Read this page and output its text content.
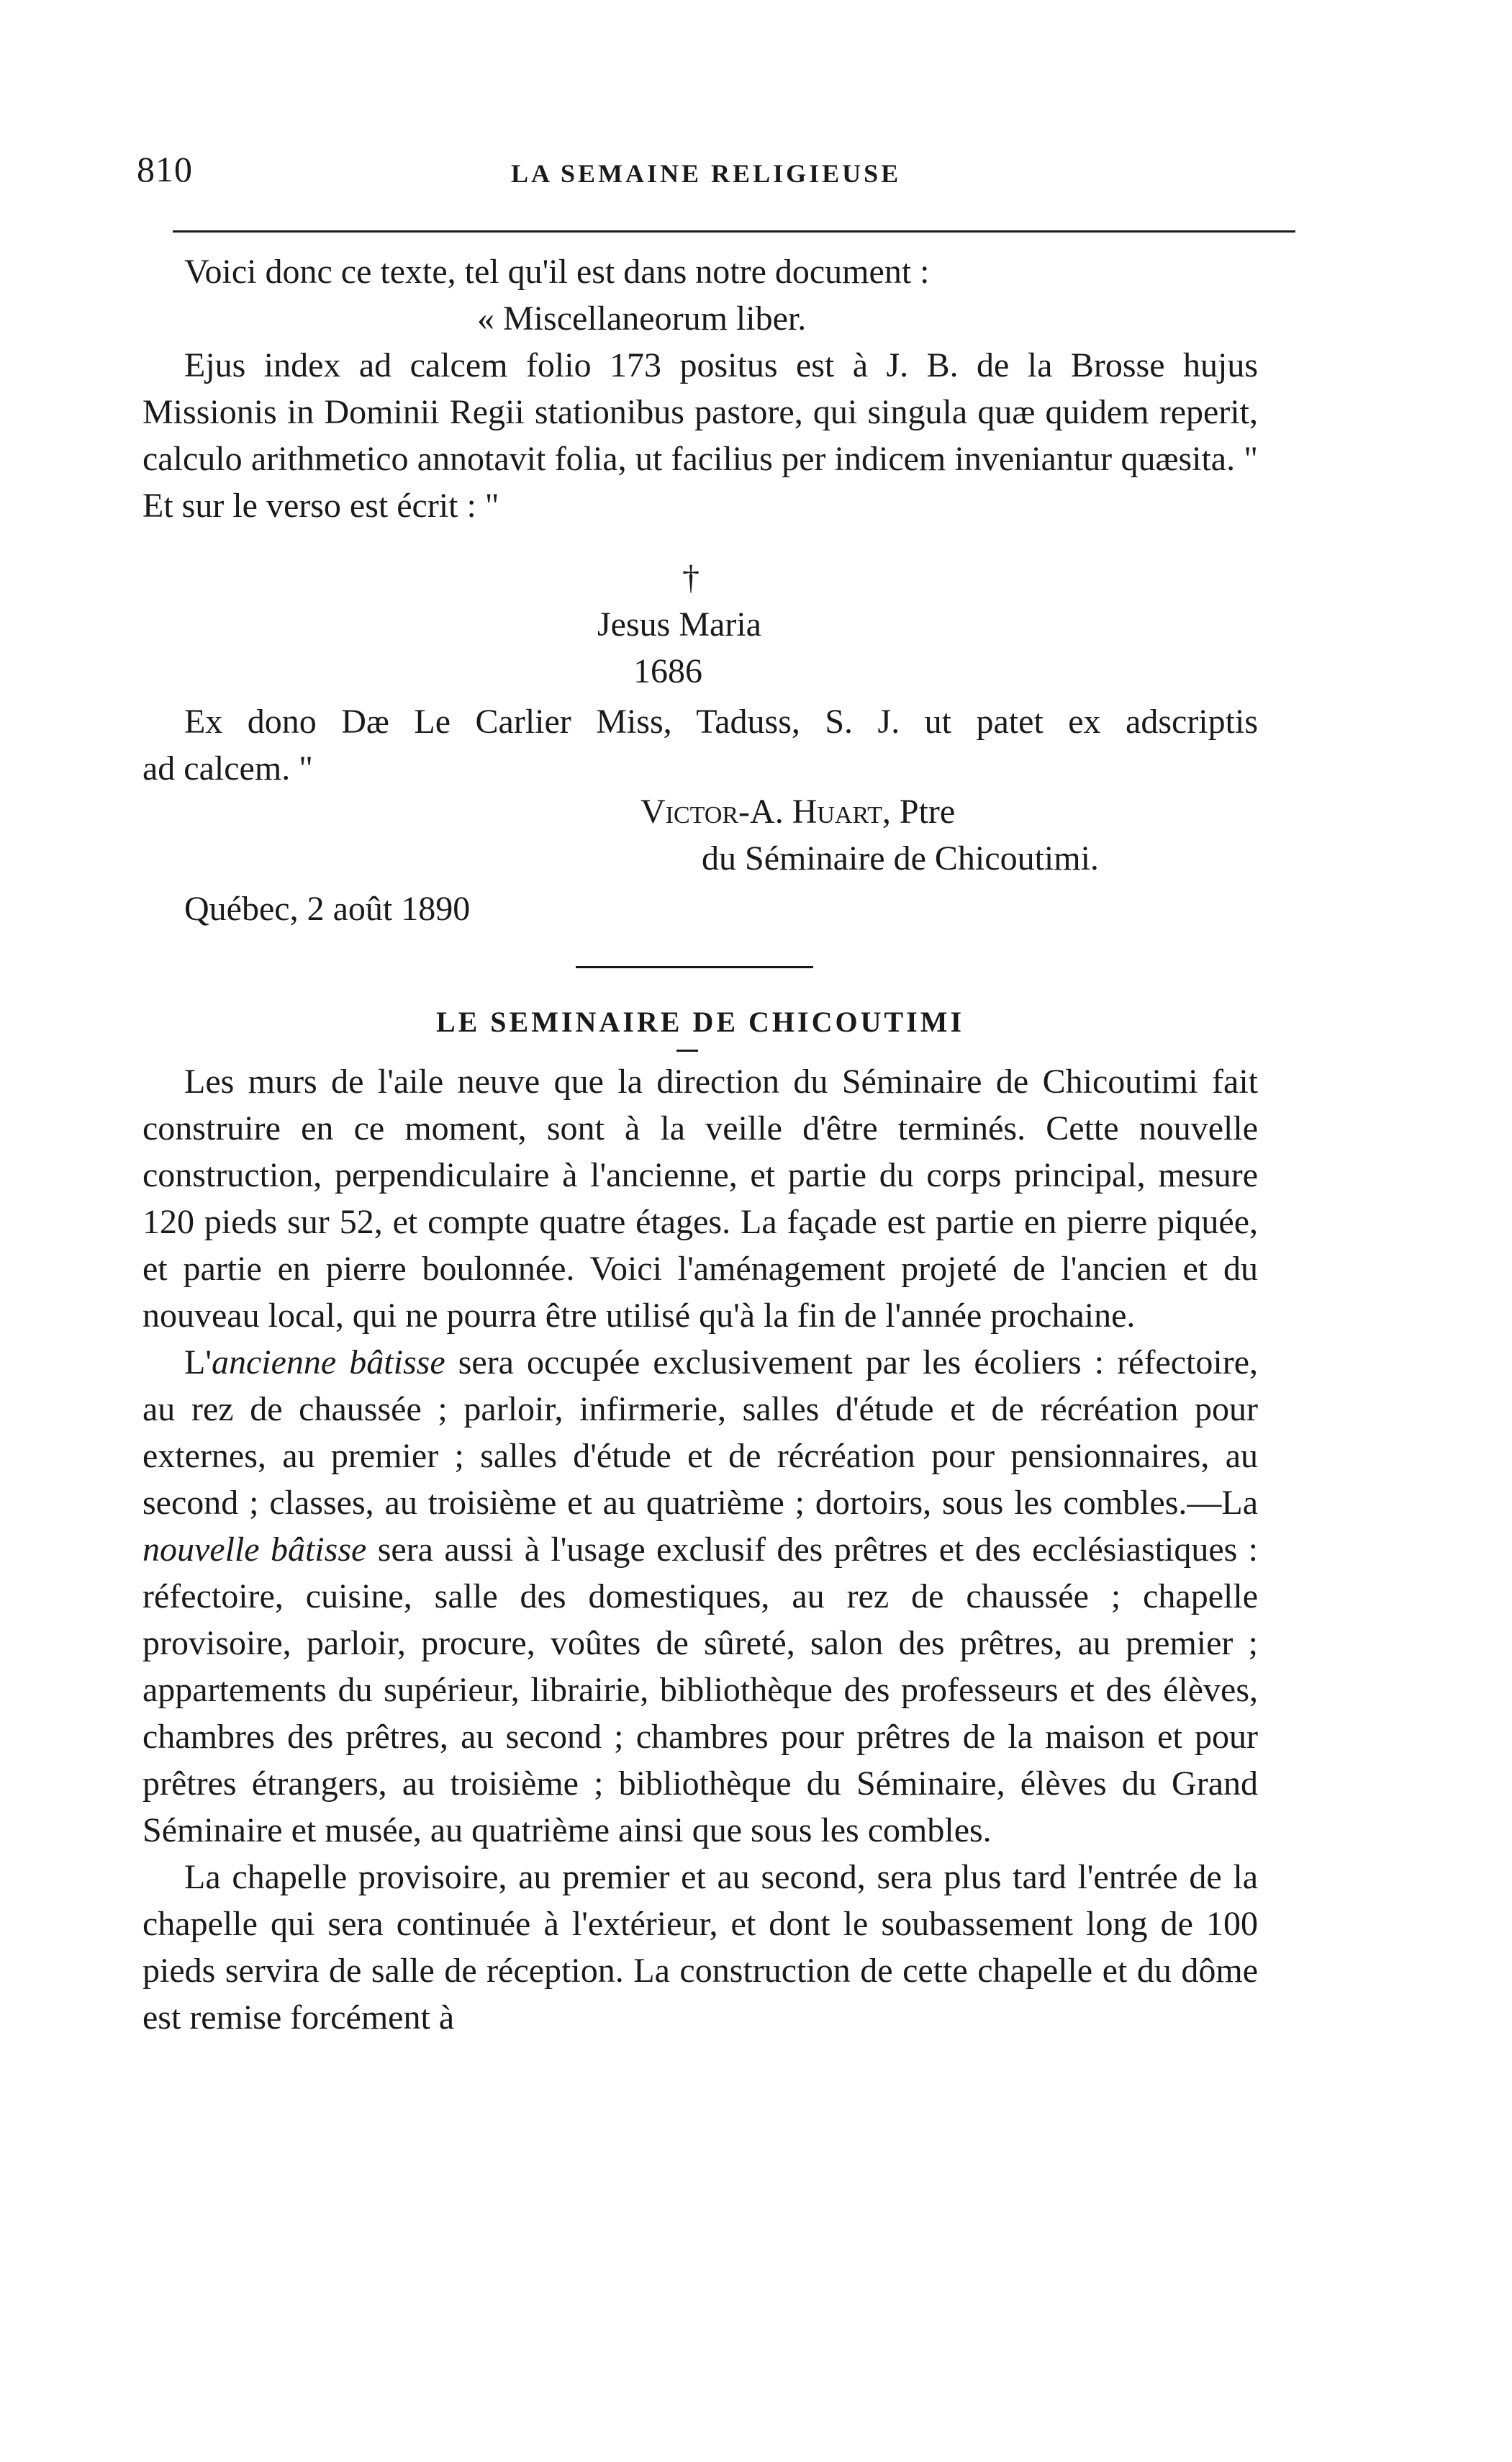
810	LA SEMAINE RELIGIEUSE

Voici donc ce texte, tel qu'il est dans notre document :

« Miscellaneorum liber.

Ejus index ad calcem folio 173 positus est à J. B. de la Brosse hujus Missionis in Dominii Regii stationibus pastore, qui singula quæ quidem reperit, calculo arithmetico annotavit folia, ut facilius per indicem inveniantur quæsita. " Et sur le verso est écrit : "

†
Jesus Maria
1686

Ex dono Dæ Le Carlier Miss, Taduss, S. J. ut patet ex adscriptis

ad calcem. "

Victor-A. Huart, Ptre
du Séminaire de Chicoutimi.
Québec, 2 août 1890
LE SEMINAIRE DE CHICOUTIMI

Les murs de l'aile neuve que la direction du Séminaire de Chicoutimi fait construire en ce moment, sont à la veille d'être terminés. Cette nouvelle construction, perpendiculaire à l'ancienne, et partie du corps principal, mesure 120 pieds sur 52, et compte quatre étages. La façade est partie en pierre piquée, et partie en pierre boulonnée. Voici l'aménagement projeté de l'ancien et du nouveau local, qui ne pourra être utilisé qu'à la fin de l'année prochaine.

L'ancienne bâtisse sera occupée exclusivement par les écoliers : réfectoire, au rez de chaussée ; parloir, infirmerie, salles d'étude et de récréation pour externes, au premier ; salles d'étude et de récréation pour pensionnaires, au second ; classes, au troisième et au quatrième ; dortoirs, sous les combles.—La nouvelle bâtisse sera aussi à l'usage exclusif des prêtres et des ecclésiastiques : réfectoire, cuisine, salle des domestiques, au rez de chaussée ; chapelle provisoire, parloir, procure, voûtes de sûreté, salon des prêtres, au premier ; appartements du supérieur, librairie, bibliothèque des professeurs et des élèves, chambres des prêtres, au second ; chambres pour prêtres de la maison et pour prêtres étrangers, au troisième ; bibliothèque du Séminaire, élèves du Grand Séminaire et musée, au quatrième ainsi que sous les combles.

La chapelle provisoire, au premier et au second, sera plus tard l'entrée de la chapelle qui sera continuée à l'extérieur, et dont le soubassement long de 100 pieds servira de salle de réception. La construction de cette chapelle et du dôme est remise forcément à
